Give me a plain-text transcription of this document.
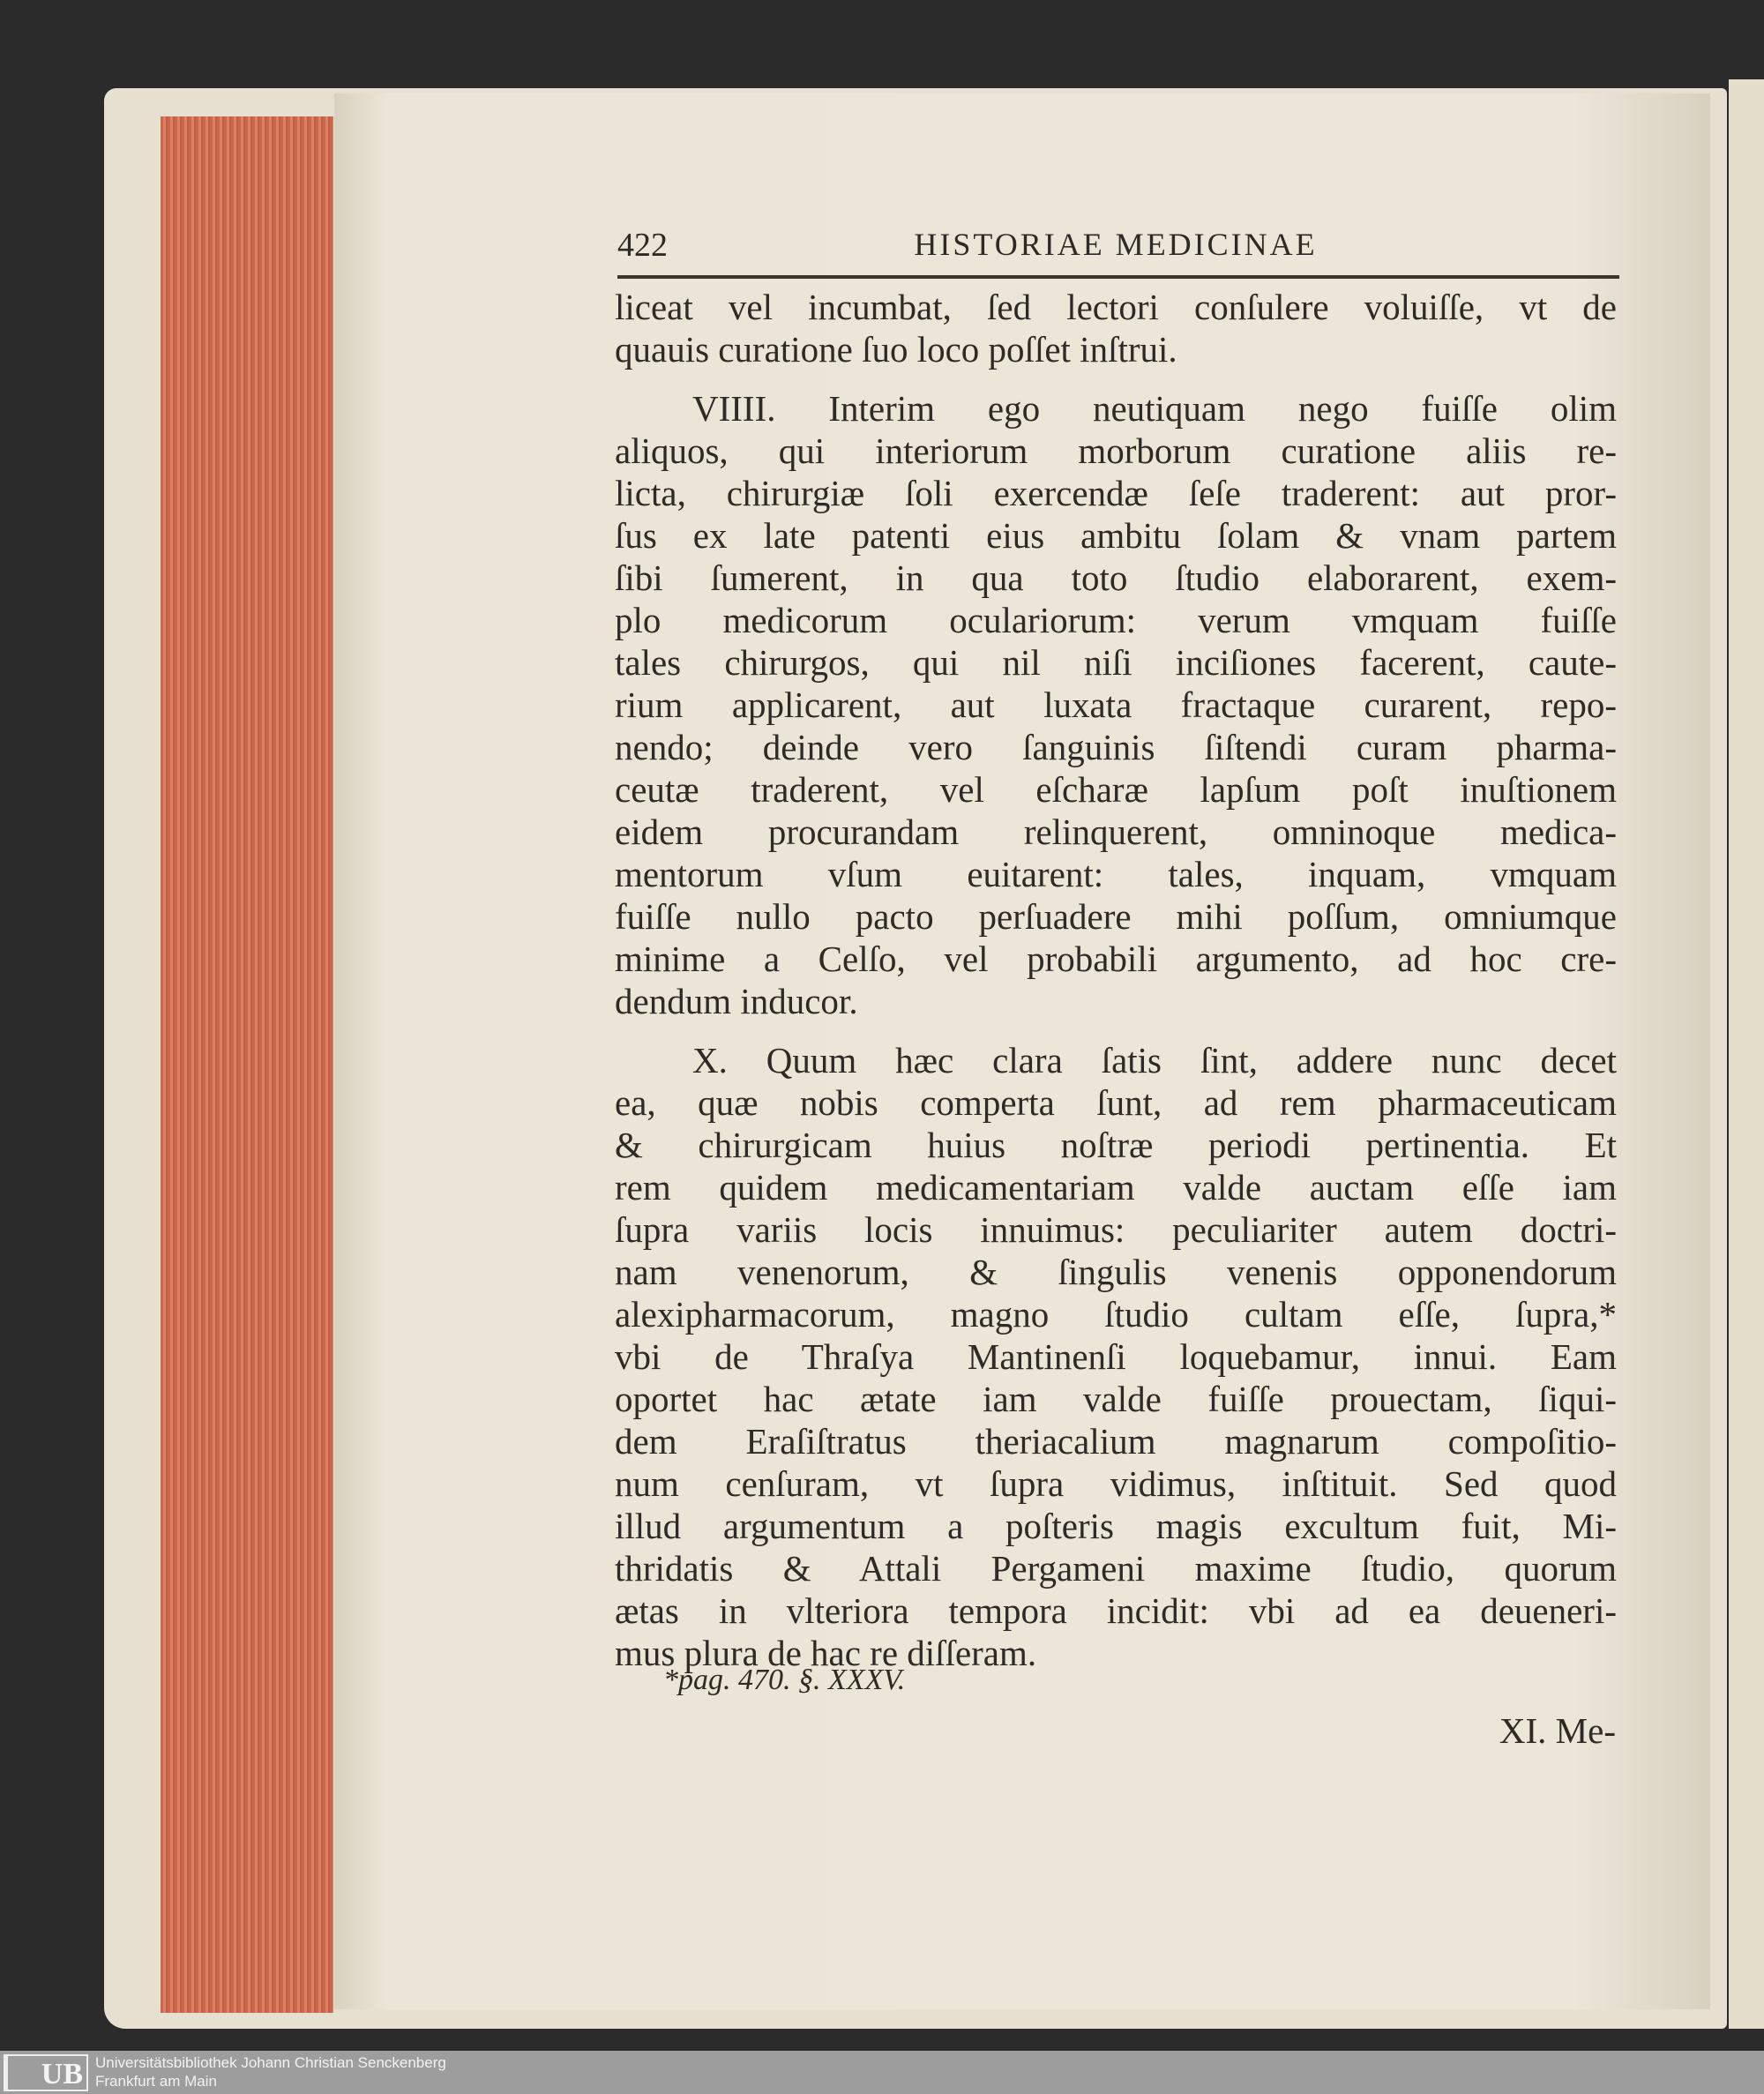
422	HISTORIAE MEDICINAE
liceat vel incumbat, ſed lectori conſulere voluiſſe, vt de
quauis curatione ſuo loco poſſet inſtrui.
VIIII. Interim ego neutiquam nego fuiſſe olim
aliquos, qui interiorum morborum curatione aliis re-
licta, chirurgiæ ſoli exercendæ ſeſe traderent: aut pror-
ſus ex late patenti eius ambitu ſolam & vnam partem
ſibi ſumerent, in qua toto ſtudio elaborarent, exem-
plo medicorum oculariorum: verum vmquam fuiſſe
tales chirurgos, qui nil niſi inciſiones facerent, caute-
rium applicarent, aut luxata fractaque curarent, repo-
nendo; deinde vero ſanguinis ſiſtendi curam pharma-
ceutæ traderent, vel eſcharæ lapſum poſt inuſtionem
eidem procurandam relinquerent, omninoque medica-
mentorum vſum euitarent: tales, inquam, vmquam
fuiſſe nullo pacto perſuadere mihi poſſum, omniumque
minime a Celſo, vel probabili argumento, ad hoc cre-
dendum inducor.
X. Quum hæc clara ſatis ſint, addere nunc decet
ea, quæ nobis comperta ſunt, ad rem pharmaceuticam
& chirurgicam huius noſtræ periodi pertinentia. Et
rem quidem medicamentariam valde auctam eſſe iam
ſupra variis locis innuimus: peculiariter autem doctri-
nam venenorum, & ſingulis venenis opponendorum
alexipharmacorum, magno ſtudio cultam eſſe, ſupra,*
vbi de Thraſya Mantinenſi loquebamur, innui. Eam
oportet hac ætate iam valde fuiſſe prouectam, ſiqui-
dem Eraſiſtratus theriacalium magnarum compoſitio-
num cenſuram, vt ſupra vidimus, inſtituit. Sed quod
illud argumentum a poſteris magis excultum fuit, Mi-
thridatis & Attali Pergameni maxime ſtudio, quorum
ætas in vlteriora tempora incidit: vbi ad ea deueneri-
mus plura de hac re diſſeram.
*pag. 470. §. XXXV.
XI. Me-
UB Universitätsbibliothek Johann Christian Senckenberg
Frankfurt am Main
